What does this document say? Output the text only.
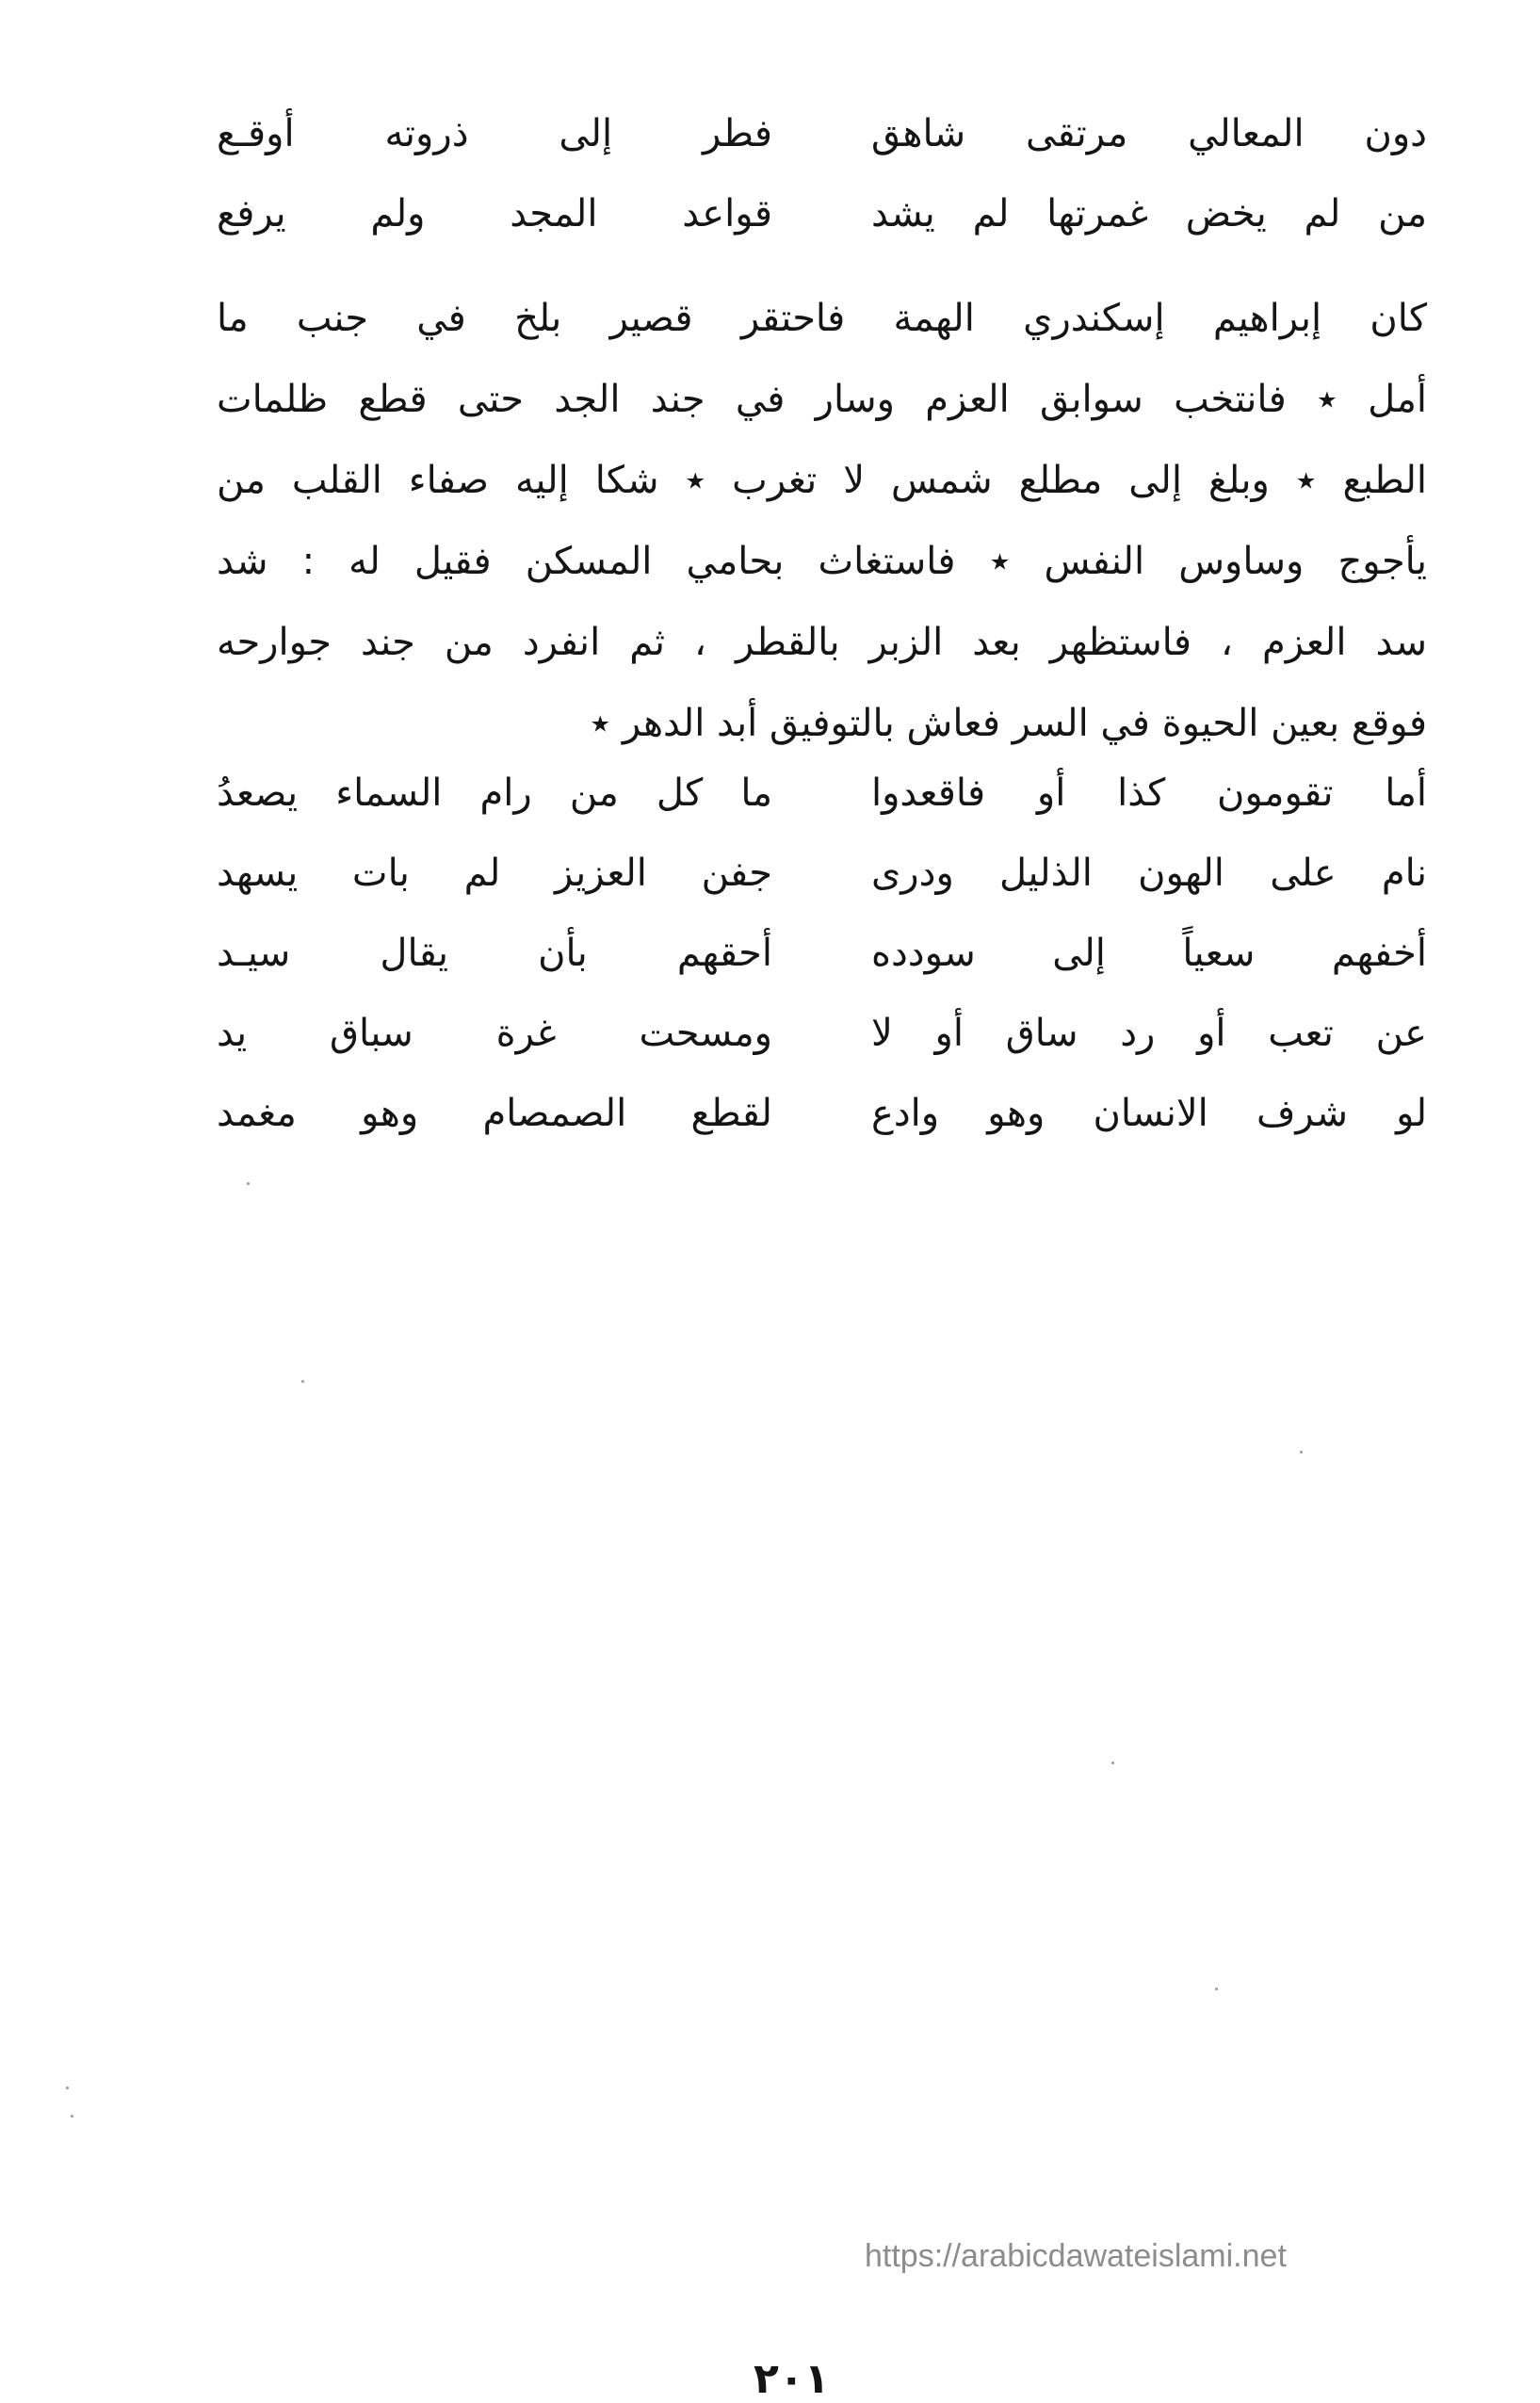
دون المعالي مرتقى شاهق
فطر إلى ذروته أوقـع
من لم يخض غمرتها لم يشد
قواعد المجد ولم يرفع
كان إبراهيم إسكندري الهمة فاحتقر قصير بلخ في جنب ما
أمل ٭ فانتخب سوابق العزم وسار في جند الجد حتى قطع ظلمات
الطبع ٭ وبلغ إلى مطلع شمس لا تغرب ٭ شكا إليه صفاء القلب من
يأجوج وساوس النفس ٭ فاستغاث بحامي المسكن فقيل له : شد
سد العزم ، فاستظهر بعد الزبر بالقطر ، ثم انفرد من جند جوارحه
فوقع بعين الحيوة في السر فعاش بالتوفيق أبد الدهر ٭
أما تقومون كذا أو فاقعدوا
ما كل من رام السماء يصعدُ
نام على الهون الذليل ودرى
جفن العزيز لم بات يسهد
أخفهم سعياً إلى سودده
أحقهم بأن يقال سيـد
عن تعب أو رد ساق أو لا
ومسحت غرة سباق يد
لو شرف الانسان وهو وادع
لقطع الصمصام وهو مغمد
https://arabicdawateislami.net
٢٠١
